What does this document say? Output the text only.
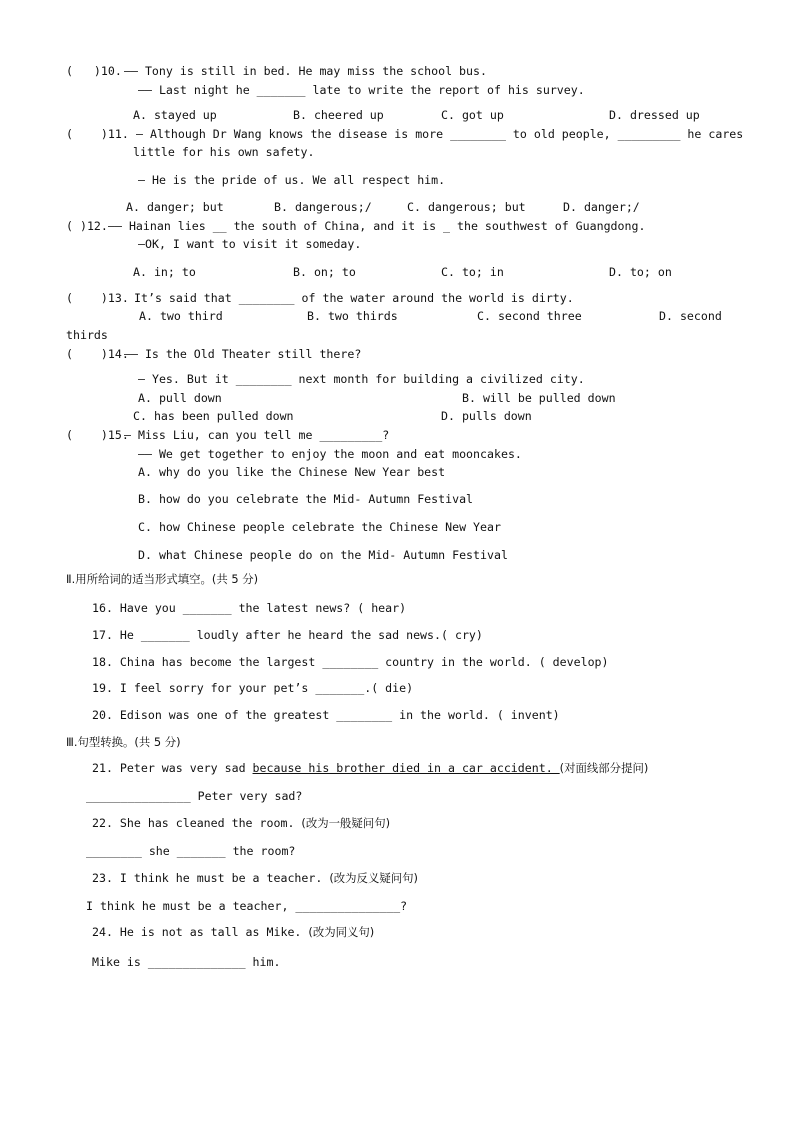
(   )10. —— Tony is still in bed. He may miss the school bus.
—— Last night he _______ late to write the report of his survey.
A. stayed up	B. cheered up	C. got up	D. dressed up
(    )11. — Although Dr Wang knows the disease is more ________ to old people, _________ he cares
little for his own safety.
— He is the pride of us. We all respect him.
A. danger; but	B. dangerous;/	C. dangerous; but	D. danger;/
( )12. —— Hainan lies __ the south of China, and it is _ the southwest of Guangdong.
—OK, I want to visit it someday.
A. in; to	B. on; to	C. to; in	D. to; on
(    )13. It’s said that ________ of the water around the world is dirty.
A. two third	B. two thirds	C. second three	D. second
thirds
(    )14.
—— Is the Old Theater still there?
— Yes. But it ________ next month for building a civilized city.
A. pull down	B. will be pulled down
C. has been pulled down	D. pulls down
(    )15.
— Miss Liu, can you tell me _________?
—— We get together to enjoy the moon and eat mooncakes.
A. why do you like the Chinese New Year best
B. how do you celebrate the Mid- Autumn Festival
C. how Chinese people celebrate the Chinese New Year
D. what Chinese people do on the Mid- Autumn Festival
Ⅱ.用所给词的适当形式填空。(共 5 分)
16. Have you _______ the latest news? ( hear)
17. He _______ loudly after he heard the sad news.( cry)
18. China has become the largest ________ country in the world. ( develop)
19. I feel sorry for your pet’s _______.( die)
20. Edison was one of the greatest ________ in the world. ( invent)
Ⅲ.句型转换。(共 5 分)
21. Peter was very sad because his brother died in a car accident. (对面线部分提问)
_______________ Peter very sad?
22. She has cleaned the room. (改为一般疑问句)
________ she _______ the room?
23. I think he must be a teacher. (改为反义疑问句)
I think he must be a teacher, _______________?
24. He is not as tall as Mike. (改为同义句)
Mike is ______________ him.
